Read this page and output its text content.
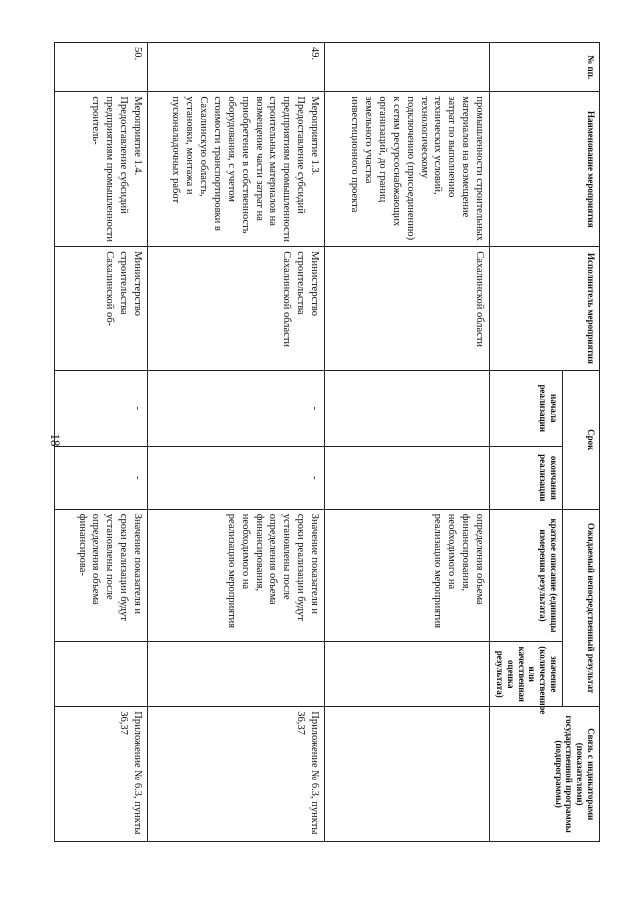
18
№ пп.	Наименование мероприятия	Исполнитель мероприятия	Срок		Ожидаемый непосредственный результат		Связь с индикаторами (показателями) государственной программы (подпрограммы)
			начала реализации	окончания реализации	краткое описание (единицы измерения результата)	значение (количественное или качественная оценка результата)	
	промышленности строительных материалов на возмещение затрат по выполнению технических условий, технологическому подключению (присоединению) к сетям ресурсоснабжающих организаций, до границ земельного участка инвестиционного проекта	Сахалинской области			определения объема финансирования, необходимого на реализацию мероприятия		
49.	Мероприятие 1.3. Предоставление субсидий предприятиям промышленности строительных материалов на возмещение части затрат на приобретение в собственность оборудования, с учетом стоимости транспортировки в Сахалинскую область, установки, монтажа и пусконаладочных работ	Министерство строительства Сахалинской области	-	-	Значение показателя и сроки реализации будут установлены после определения объема финансирования, необходимого на реализацию мероприятия		Приложение № 6.3, пункты 36,37
50.	Мероприятие 1.4. Предоставление субсидий предприятиям промышленности строитель-	Министерство строительства Сахалинской об-	-	-	Значение показателя и сроки реализации будут установлены после определения объема финансирова-		Приложение № 6.3, пункты 36,37
